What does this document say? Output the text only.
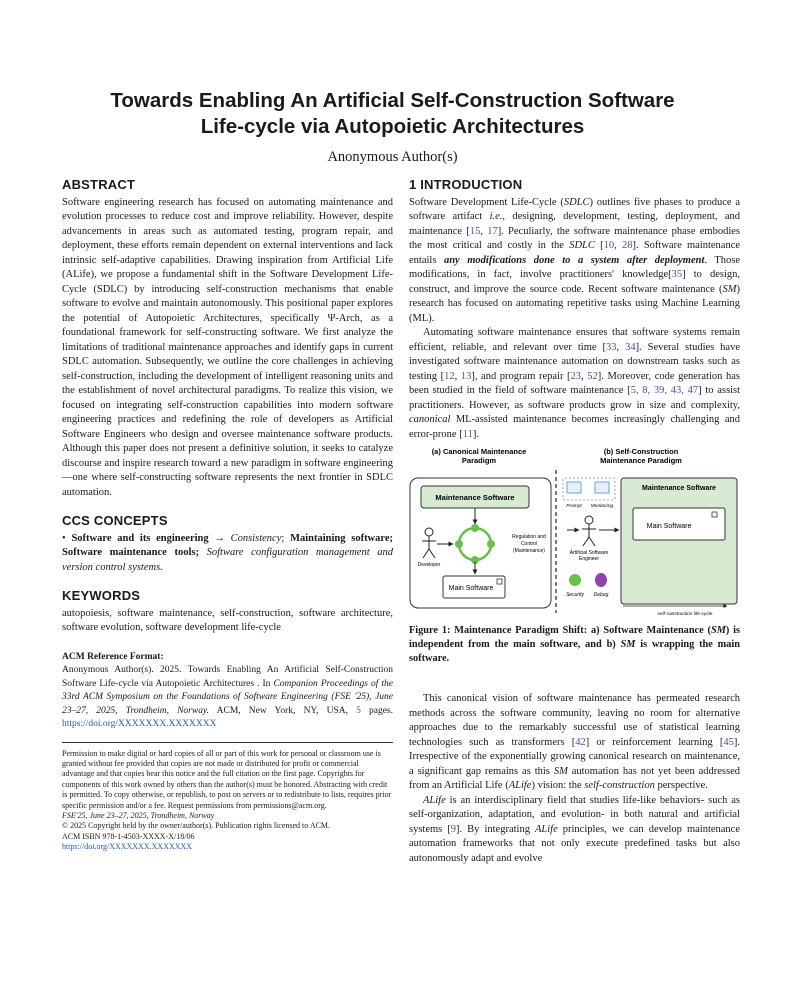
Towards Enabling An Artificial Self-Construction Software
Life-cycle via Autopoietic Architectures
Anonymous Author(s)
ABSTRACT

Software engineering research has focused on automating maintenance and evolution processes to reduce cost and improve reliability. However, despite advancements in areas such as automated testing, program repair, and deployment, these efforts remain dependent on external interventions and lack intrinsic self-adaptive capabilities. Drawing inspiration from Artificial Life (ALife), we propose a fundamental shift in the Software Development Life-Cycle (SDLC) by introducing self-construction mechanisms that enable software to evolve and maintain autonomously. This positional paper explores the potential of Autopoietic Architectures, specifically Ψ-Arch, as a foundational framework for self-constructing software. We first analyze the limitations of traditional maintenance approaches and identify gaps in current SDLC automation. Subsequently, we outline the core challenges in achieving self-construction, including the development of intelligent reasoning units and the establishment of novel architectural paradigms. To realize this vision, we focused on integrating self-construction capabilities into modern software engineering practices and redefining the role of developers as Artificial Software Engineers who design and oversee maintenance software products. Although this paper does not present a definitive solution, it seeks to catalyze discourse and inspire research toward a new paradigm in software engineering—one where self-constructing software represents the next frontier in SDLC automation.

CCS CONCEPTS

• Software and its engineering → Consistency; Maintaining software; Software maintenance tools; Software configuration management and version control systems.

KEYWORDS

autopoiesis, software maintenance, self-construction, software architecture, software evolution, software development life-cycle

ACM Reference Format:

Anonymous Author(s). 2025. Towards Enabling An Artificial Self-Construction Software Life-cycle via Autopoietic Architectures . In Companion Proceedings of the 33rd ACM Symposium on the Foundations of Software Engineering (FSE '25), June 23–27, 2025, Trondheim, Norway. ACM, New York, NY, USA, 5 pages. https://doi.org/XXXXXXX.XXXXXXX

Permission to make digital or hard copies of all or part of this work for personal or classroom use is granted without fee provided that copies are not made or distributed for profit or commercial advantage and that copies bear this notice and the full citation on the first page. Copyrights for components of this work owned by others than the author(s) must be honored. Abstracting with credit is permitted. To copy otherwise, or republish, to post on servers or to redistribute to lists, requires prior specific permission and/or a fee. Request permissions from permissions@acm.org.

FSE'25, June 23–27, 2025, Trondheim, Norway

© 2025 Copyright held by the owner/author(s). Publication rights licensed to ACM.

ACM ISBN 978-1-4503-XXXX-X/18/06

https://doi.org/XXXXXXX.XXXXXXX

1 INTRODUCTION

Software Development Life-Cycle (SDLC) outlines five phases to produce a software artifact i.e., designing, development, testing, deployment, and maintenance [15, 17]. Peculiarly, the software maintenance phase embodies the most critical and costly in the SDLC [10, 28]. Software maintenance entails any modifications done to a system after deployment. Those modifications, in fact, involve practitioners' knowledge[35] to design, construct, and improve the source code. Recent software maintenance (SM) research has focused on automating repetitive tasks using Machine Learning (ML).

Automating software maintenance ensures that software systems remain efficient, reliable, and relevant over time [33, 34]. Several studies have investigated software maintenance automation on downstream tasks such as testing [12, 13], and program repair [23, 52]. Moreover, code generation has been studied in the field of software maintenance [5, 8, 39, 43, 47] to assist practitioners. However, as software products grow in size and complexity, canonical ML-assisted maintenance becomes increasingly challenging and error-prone [11].

(a) Canonical Maintenance
Paradigm
(b) Self-Construction
Maintenance Paradigm
Maintenance Software
Regulation and
Control
(Maintenance)
Developer
Main Software
Prompt Monitoring
Artificial Software
Engineer
Security Debug
Maintenance Software
Main Software
self-construction life-cycle

Figure 1: Maintenance Paradigm Shift: a) Software Maintenance (SM) is independent from the main software, and b) SM is wrapping the main software.

This canonical vision of software maintenance has permeated research methods across the software community, leaving no room for alternative approaches due to the remarkably successful use of statistical learning technologies such as transformers [42] or reinforcement learning [45]. Irrespective of the exponentially growing canonical research on maintenance, a significant gap remains as this SM automation has not yet been addressed from an Artificial Life (ALife) vision: the self-construction perspective.

ALife is an interdisciplinary field that studies life-like behaviors- such as self-organization, adaptation, and evolution- in both natural and artificial systems [9]. By integrating ALife principles, we can develop maintenance automation frameworks that not only execute predefined tasks but also autonomously adapt and evolve
